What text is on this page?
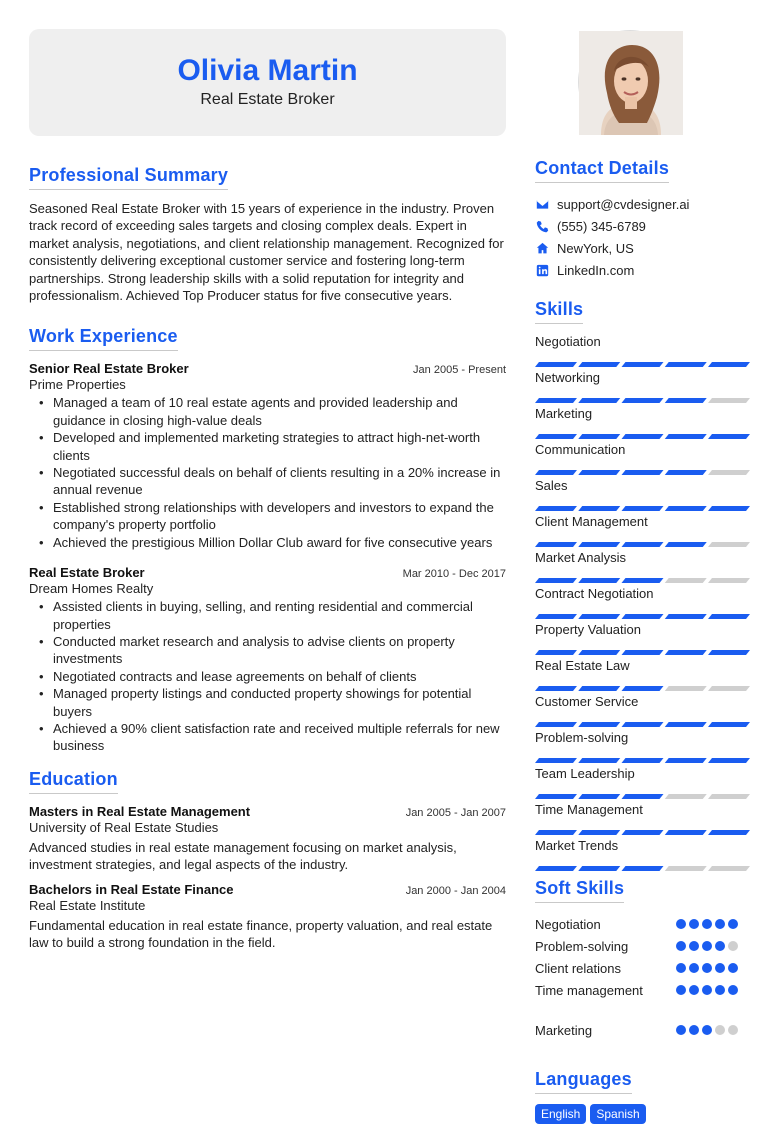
Olivia Martin
Real Estate Broker
Professional Summary

Seasoned Real Estate Broker with 15 years of experience in the industry. Proven track record of exceeding sales targets and closing complex deals. Expert in market analysis, negotiations, and client relationship management. Recognized for consistently delivering exceptional customer service and fostering long-term partnerships. Strong leadership skills with a solid reputation for integrity and professionalism. Achieved Top Producer status for five consecutive years.

Work Experience
Senior Real Estate Broker	Jan 2005 - Present
Prime Properties
• Managed a team of 10 real estate agents and provided leadership and guidance in closing high-value deals
• Developed and implemented marketing strategies to attract high-net-worth clients
• Negotiated successful deals on behalf of clients resulting in a 20% increase in annual revenue
• Established strong relationships with developers and investors to expand the company's property portfolio
• Achieved the prestigious Million Dollar Club award for five consecutive years
Real Estate Broker	Mar 2010 - Dec 2017
Dream Homes Realty
• Assisted clients in buying, selling, and renting residential and commercial properties
• Conducted market research and analysis to advise clients on property investments
• Negotiated contracts and lease agreements on behalf of clients
• Managed property listings and conducted property showings for potential buyers
• Achieved a 90% client satisfaction rate and received multiple referrals for new business
Education
Masters in Real Estate Management	Jan 2005 - Jan 2007
University of Real Estate Studies

Advanced studies in real estate management focusing on market analysis, investment strategies, and legal aspects of the industry.

Bachelors in Real Estate Finance	Jan 2000 - Jan 2004
Real Estate Institute

Fundamental education in real estate finance, property valuation, and real estate law to build a strong foundation in the field.

Contact Details
support@cvdesigner.ai
(555) 345-6789
NewYork, US
LinkedIn.com
Skills
Negotiation
Networking
Marketing
Communication
Sales
Client Management
Market Analysis
Contract Negotiation
Property Valuation
Real Estate Law
Customer Service
Problem-solving
Team Leadership
Time Management
Market Trends
Soft Skills
Negotiation
Problem-solving
Client relations
Time management
Marketing
Languages
English	Spanish
